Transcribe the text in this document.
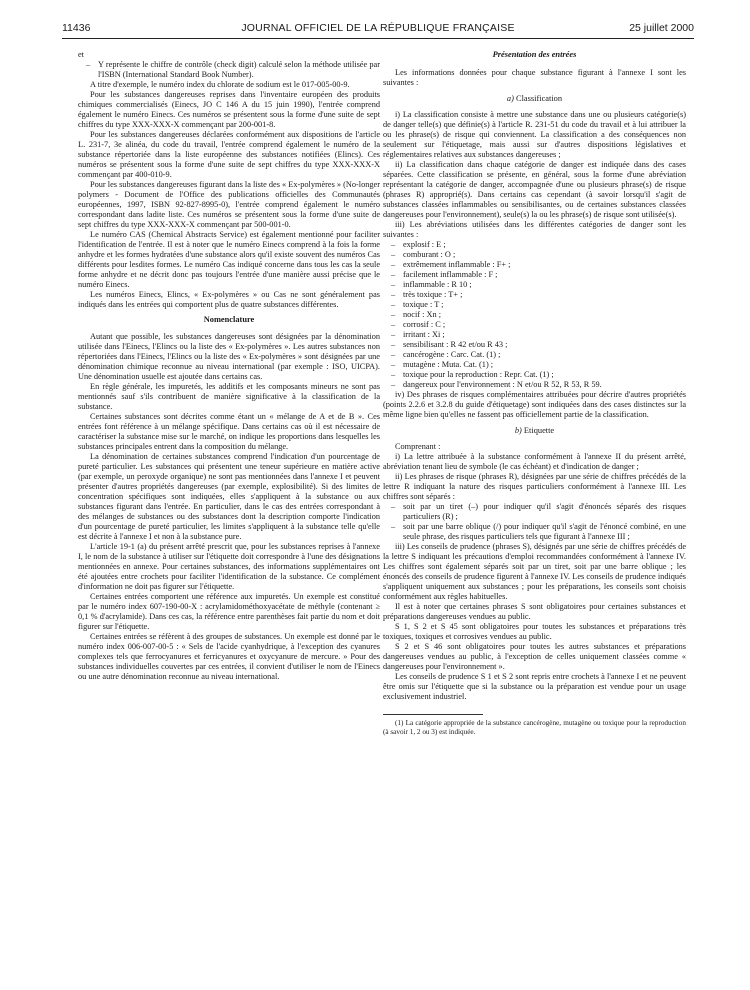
JOURNAL OFFICIEL DE LA RÉPUBLIQUE FRANÇAISE
11436	25 juillet 2000

et

– Y représente le chiffre de contrôle (check digit) calculé selon la méthode utilisée par l'ISBN (International Standard Book Number).

A titre d'exemple, le numéro index du chlorate de sodium est le 017-005-00-9.

Pour les substances dangereuses reprises dans l'inventaire européen des produits chimiques commercialisés (Einecs, JO C 146 A du 15 juin 1990), l'entrée comprend également le numéro Einecs. Ces numéros se présentent sous la forme d'une suite de sept chiffres du type XXX-XXX-X commençant par 200-001-8.

Pour les substances dangereuses déclarées conformément aux dispositions de l'article L. 231-7, 3e alinéa, du code du travail, l'entrée comprend également le numéro de la substance répertoriée dans la liste européenne des substances notifiées (Elincs). Ces numéros se présentent sous la forme d'une suite de sept chiffres du type XXX-XXX-X commençant par 400-010-9.

Pour les substances dangereuses figurant dans la liste des « Ex-polymères » (No-longer polymers - Document de l'Office des publications officielles des Communautés européennes, 1997, ISBN 92-827-8995-0), l'entrée comprend également le numéro correspondant dans ladite liste. Ces numéros se présentent sous la forme d'une suite de sept chiffres du type XXX-XXX-X commençant par 500-001-0.

Le numéro CAS (Chemical Abstracts Service) est également mentionné pour faciliter l'identification de l'entrée. Il est à noter que le numéro Einecs comprend à la fois la forme anhydre et les formes hydratées d'une substance alors qu'il existe souvent des numéros Cas différents pour lesdites formes. Le numéro Cas indiqué concerne dans tous les cas la seule forme anhydre et ne décrit donc pas toujours l'entrée d'une manière aussi précise que le numéro Einecs.

Les numéros Einecs, Elincs, « Ex-polymères » ou Cas ne sont généralement pas indiqués dans les entrées qui comportent plus de quatre substances différentes.

Nomenclature

Autant que possible, les substances dangereuses sont désignées par la dénomination utilisée dans l'Einecs, l'Elincs ou la liste des « Ex-polymères ». Les autres substances non répertoriées dans l'Einecs, l'Elincs ou la liste des « Ex-polymères » sont désignées par une dénomination chimique reconnue au niveau international (par exemple : ISO, UICPA). Une dénomination usuelle est ajoutée dans certains cas.

En règle générale, les impuretés, les additifs et les composants mineurs ne sont pas mentionnés sauf s'ils contribuent de manière significative à la classification de la substance.

Certaines substances sont décrites comme étant un « mélange de A et de B ». Ces entrées font référence à un mélange spécifique. Dans certains cas où il est nécessaire de caractériser la substance mise sur le marché, on indique les proportions dans lesquelles les substances principales entrent dans la composition du mélange.

La dénomination de certaines substances comprend l'indication d'un pourcentage de pureté particulier. Les substances qui présentent une teneur supérieure en matière active (par exemple, un peroxyde organique) ne sont pas mentionnées dans l'annexe I et peuvent présenter d'autres propriétés dangereuses (par exemple, explosibilité). Si des limites de concentration spécifiques sont indiquées, elles s'appliquent à la substance ou aux substances figurant dans l'entrée. En particulier, dans le cas des entrées correspondant à des mélanges de substances ou des substances dont la description comporte l'indication d'un pourcentage de pureté particulier, les limites s'appliquent à la substance telle qu'elle est décrite à l'annexe I et non à la substance pure.

L'article 19-1 (a) du présent arrêté prescrit que, pour les substances reprises à l'annexe I, le nom de la substance à utiliser sur l'étiquette doit correspondre à l'une des désignations mentionnées en annexe. Pour certaines substances, des informations supplémentaires ont été ajoutées entre crochets pour faciliter l'identification de la substance. Ce complément d'information ne doit pas figurer sur l'étiquette.

Certaines entrées comportent une référence aux impuretés. Un exemple est constitué par le numéro index 607-190-00-X : acrylamidométhoxyacétate de méthyle (contenant ≥ 0,1 % d'acrylamide). Dans ces cas, la référence entre parenthèses fait partie du nom et doit figurer sur l'étiquette.

Certaines entrées se réfèrent à des groupes de substances. Un exemple est donné par le numéro index 006-007-00-5 : « Sels de l'acide cyanhydrique, à l'exception des cyanures complexes tels que ferrocyanures et ferricyanures et oxycyanure de mercure. » Pour des substances individuelles couvertes par ces entrées, il convient d'utiliser le nom de l'Einecs ou une autre dénomination reconnue au niveau international.

Présentation des entrées

Les informations données pour chaque substance figurant à l'annexe I sont les suivantes :

a) Classification

i) La classification consiste à mettre une substance dans une ou plusieurs catégorie(s) de danger telle(s) que définie(s) à l'article R. 231-51 du code du travail et à lui attribuer la ou les phrase(s) de risque qui conviennent. La classification a des conséquences non seulement sur l'étiquetage, mais aussi sur d'autres dispositions législatives et réglementaires relatives aux substances dangereuses ;

ii) La classification dans chaque catégorie de danger est indiquée dans des cases séparées. Cette classification se présente, en général, sous la forme d'une abréviation représentant la catégorie de danger, accompagnée d'une ou plusieurs phrase(s) de risque (phrases R) approprié(s). Dans certains cas cependant (à savoir lorsqu'il s'agit de substances classées inflammables ou sensibilisantes, ou de certaines substances classées dangereuses pour l'environnement), seule(s) la ou les phrase(s) de risque sont utilisée(s).

iii) Les abréviations utilisées dans les différentes catégories de danger sont les suivantes :

– explosif : E ;
– comburant : O ;
– extrêmement inflammable : F+ ;
– facilement inflammable : F ;
– inflammable : R 10 ;
– très toxique : T+ ;
– toxique : T ;
– nocif : Xn ;
– corrosif : C ;
– irritant : Xi ;
– sensibilisant : R 42 et/ou R 43 ;
– cancérogène : Carc. Cat. (1) ;
– mutagène : Muta. Cat. (1) ;
– toxique pour la reproduction : Repr. Cat. (1) ;
– dangereux pour l'environnement : N et/ou R 52, R 53, R 59.

iv) Des phrases de risques complémentaires attribuées pour décrire d'autres propriétés (points 2.2.6 et 3.2.8 du guide d'étiquetage) sont indiquées dans des cases distinctes sur la même ligne bien qu'elles ne fassent pas officiellement partie de la classification.

b) Etiquette

Comprenant :

i) La lettre attribuée à la substance conformément à l'annexe II du présent arrêté, abréviation tenant lieu de symbole (le cas échéant) et d'indication de danger ;

ii) Les phrases de risque (phrases R), désignées par une série de chiffres précédés de la lettre R indiquant la nature des risques particuliers conformément à l'annexe III. Les chiffres sont séparés :

– soit par un tiret (–) pour indiquer qu'il s'agit d'énoncés séparés des risques particuliers (R) ;
– soit par une barre oblique (/) pour indiquer qu'il s'agit de l'énoncé combiné, en une seule phrase, des risques particuliers tels que figurant à l'annexe III ;

iii) Les conseils de prudence (phrases S), désignés par une série de chiffres précédés de la lettre S indiquant les précautions d'emploi recommandées conformément à l'annexe IV. Les chiffres sont également séparés soit par un tiret, soit par une barre oblique ; les énoncés des conseils de prudence figurent à l'annexe IV. Les conseils de prudence indiqués s'appliquent uniquement aux substances ; pour les préparations, les conseils sont choisis conformément aux règles habituelles.

Il est à noter que certaines phrases S sont obligatoires pour certaines substances et préparations dangereuses vendues au public.

S 1, S 2 et S 45 sont obligatoires pour toutes les substances et préparations très toxiques, toxiques et corrosives vendues au public.

S 2 et S 46 sont obligatoires pour toutes les autres substances et préparations dangereuses vendues au public, à l'exception de celles uniquement classées comme « dangereuses pour l'environnement ».

Les conseils de prudence S 1 et S 2 sont repris entre crochets à l'annexe I et ne peuvent être omis sur l'étiquette que si la substance ou la préparation est vendue pour un usage exclusivement industriel.

(1) La catégorie appropriée de la substance cancérogène, mutagène ou toxique pour la reproduction (à savoir 1, 2 ou 3) est indiquée.
